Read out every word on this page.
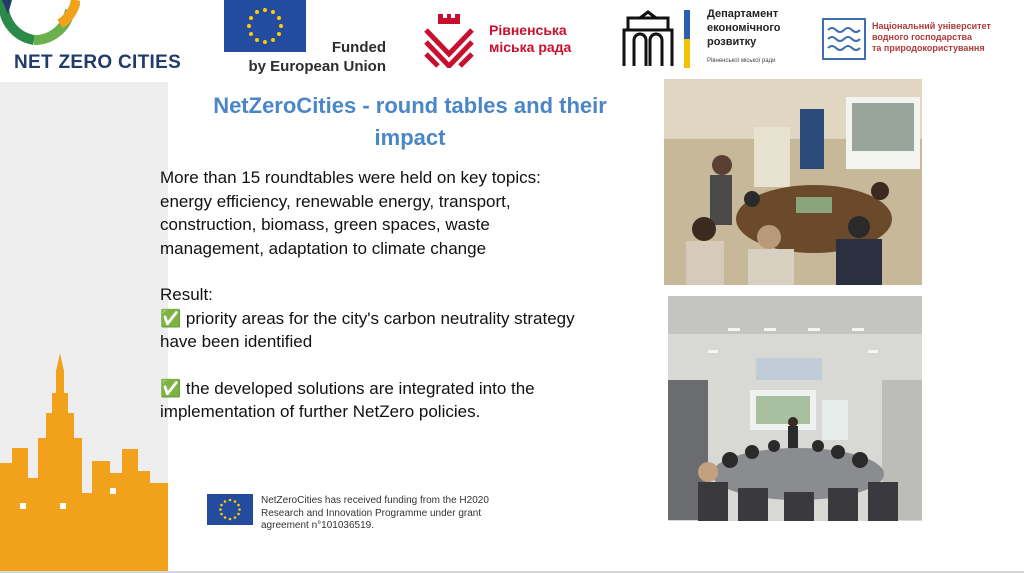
NET ZERO CITIES
Funded
by European Union
Рівненська
міська рада
Департамент
економічного
розвитку
Рівненської міської ради
Національний університет
водного господарства
та природокористування
NetZeroCities - round tables and their
impact

More than 15 roundtables were held on key topics:

energy efficiency, renewable energy, transport,

construction, biomass, green spaces, waste

management, adaptation to climate change

Result:

✅ priority areas for the city's carbon neutrality strategy

have been identified

✅ the developed solutions are integrated into the

implementation of further NetZero policies.

NetZeroCities has received funding from the H2020
Research and Innovation Programme under grant
agreement n°101036519.
